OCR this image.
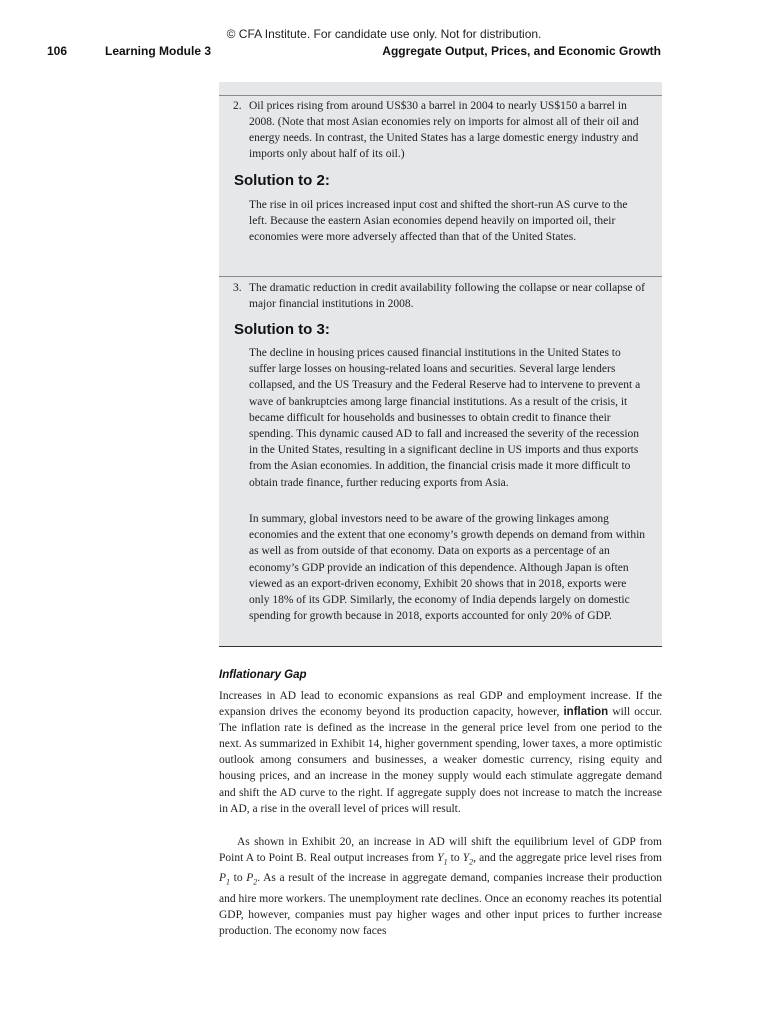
© CFA Institute. For candidate use only. Not for distribution.
106	Learning Module 3	Aggregate Output, Prices, and Economic Growth

2. Oil prices rising from around US$30 a barrel in 2004 to nearly US$150 a barrel in 2008. (Note that most Asian economies rely on imports for almost all of their oil and energy needs. In contrast, the United States has a large domestic energy industry and imports only about half of its oil.)

Solution to 2:

The rise in oil prices increased input cost and shifted the short-run AS curve to the left. Because the eastern Asian economies depend heavily on imported oil, their economies were more adversely affected than that of the United States.

3. The dramatic reduction in credit availability following the collapse or near collapse of major financial institutions in 2008.

Solution to 3:

The decline in housing prices caused financial institutions in the United States to suffer large losses on housing-related loans and securities. Several large lenders collapsed, and the US Treasury and the Federal Reserve had to intervene to prevent a wave of bankruptcies among large financial institutions. As a result of the crisis, it became difficult for households and businesses to obtain credit to finance their spending. This dynamic caused AD to fall and increased the severity of the recession in the United States, resulting in a significant decline in US imports and thus exports from the Asian economies. In addition, the financial crisis made it more difficult to obtain trade finance, further reducing exports from Asia.

In summary, global investors need to be aware of the growing linkages among economies and the extent that one economy’s growth depends on demand from within as well as from outside of that economy. Data on exports as a percentage of an economy’s GDP provide an indication of this dependence. Although Japan is often viewed as an export-driven economy, Exhibit 20 shows that in 2018, exports were only 18% of its GDP. Similarly, the economy of India depends largely on domestic spending for growth because in 2018, exports accounted for only 20% of GDP.

Inflationary Gap

Increases in AD lead to economic expansions as real GDP and employment increase. If the expansion drives the economy beyond its production capacity, however, inflation will occur. The inflation rate is defined as the increase in the general price level from one period to the next. As summarized in Exhibit 14, higher government spending, lower taxes, a more optimistic outlook among consumers and businesses, a weaker domestic currency, rising equity and housing prices, and an increase in the money supply would each stimulate aggregate demand and shift the AD curve to the right. If aggregate supply does not increase to match the increase in AD, a rise in the overall level of prices will result.

As shown in Exhibit 20, an increase in AD will shift the equilibrium level of GDP from Point A to Point B. Real output increases from $Y_1$ to $Y_2$, and the aggregate price level rises from $P_1$ to $P_2$. As a result of the increase in aggregate demand, companies increase their production and hire more workers. The unemployment rate declines. Once an economy reaches its potential GDP, however, companies must pay higher wages and other input prices to further increase production. The economy now faces
